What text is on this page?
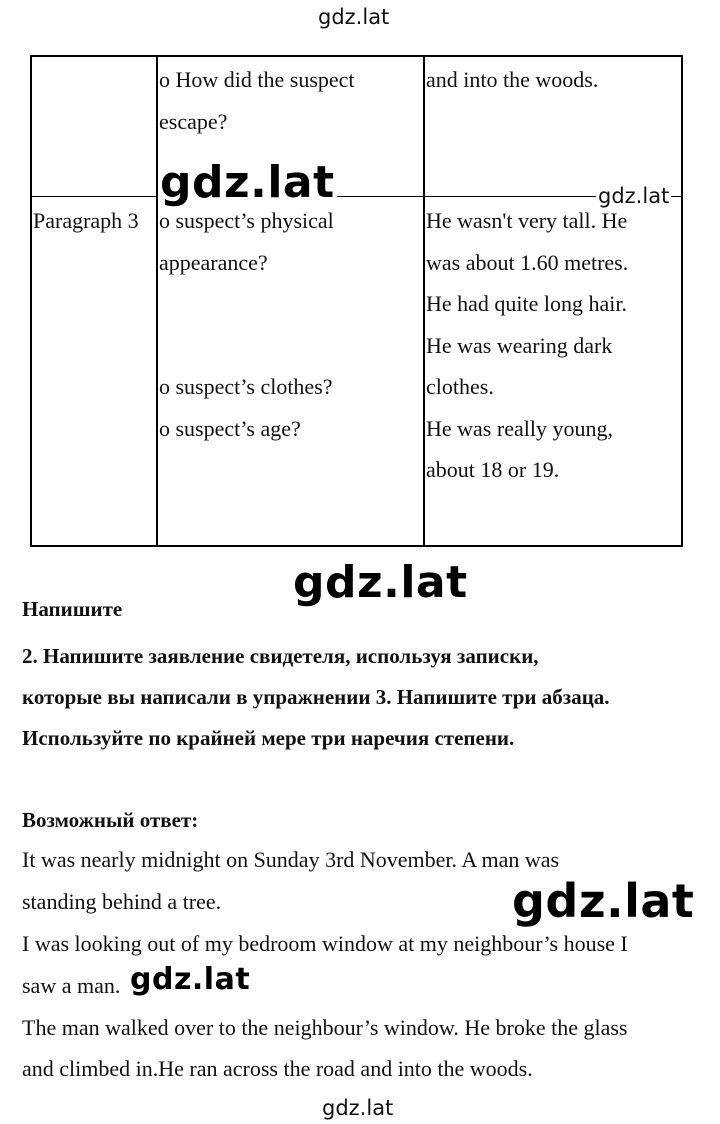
gdz.lat
o How did the suspect
escape?
and into the woods.
Paragraph 3 o suspect’s physical
appearance?

o suspect’s clothes?
o suspect’s age?
He wasn't very tall. He
was about 1.60 metres.
He had quite long hair.
He was wearing dark
clothes.
He was really young,
about 18 or 19.
gdz.lat	gdz.lat
gdz.lat
Напишите
2. Напишите заявление свидетеля, используя записки,
которые вы написали в упражнении 3. Напишите три абзаца.
Используйте по крайней мере три наречия степени.
Возможный ответ:
It was nearly midnight on Sunday 3rd November. A man was
standing behind a tree.
I was looking out of my bedroom window at my neighbour’s house I
saw a man.
The man walked over to the neighbour’s window. He broke the glass
and climbed in.He ran across the road and into the woods.
gdz.lat
gdz.lat
gdz.lat
